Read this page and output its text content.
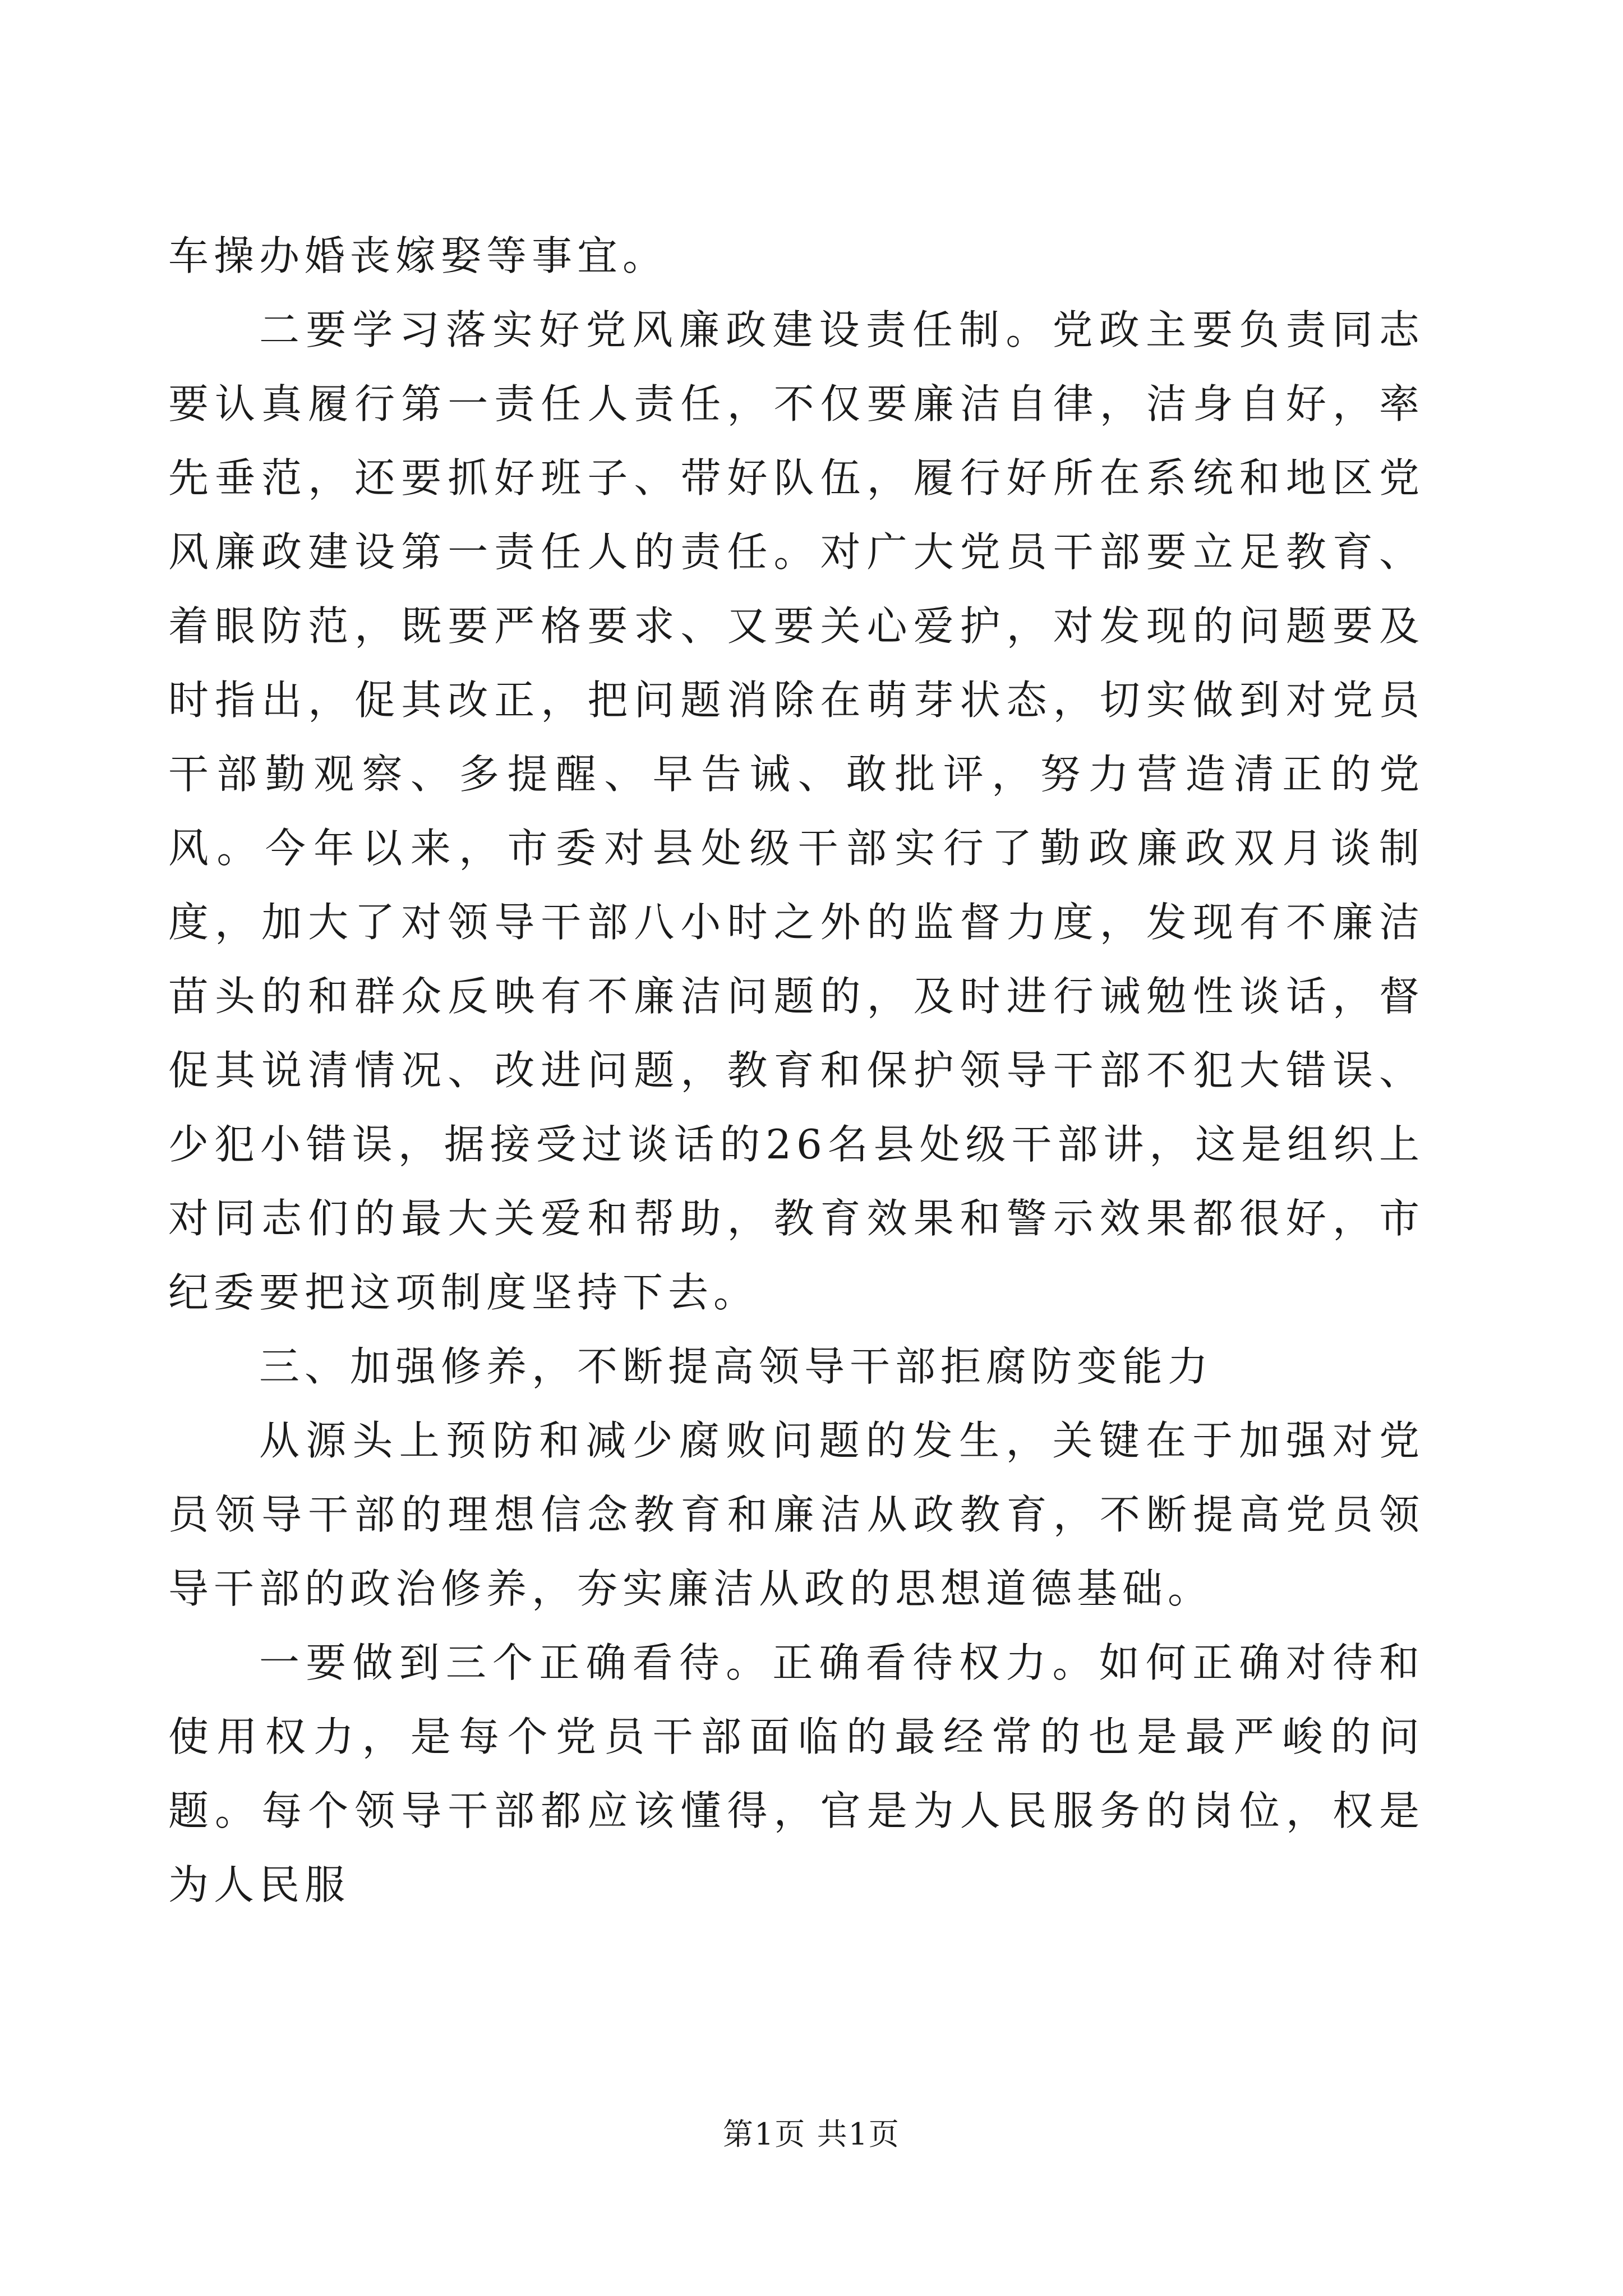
车操办婚丧嫁娶等事宜。

二要学习落实好党风廉政建设责任制。党政主要负责同志要认真履行第一责任人责任，不仅要廉洁自律，洁身自好，率先垂范，还要抓好班子、带好队伍，履行好所在系统和地区党风廉政建设第一责任人的责任。对广大党员干部要立足教育、着眼防范，既要严格要求、又要关心爱护，对发现的问题要及时指出，促其改正，把问题消除在萌芽状态，切实做到对党员干部勤观察、多提醒、早告诫、敢批评，努力营造清正的党风。今年以来，市委对县处级干部实行了勤政廉政双月谈制度，加大了对领导干部八小时之外的监督力度，发现有不廉洁苗头的和群众反映有不廉洁问题的，及时进行诫勉性谈话，督促其说清情况、改进问题，教育和保护领导干部不犯大错误、少犯小错误，据接受过谈话的26名县处级干部讲，这是组织上对同志们的最大关爱和帮助，教育效果和警示效果都很好，市纪委要把这项制度坚持下去。

三、加强修养，不断提高领导干部拒腐防变能力

从源头上预防和减少腐败问题的发生，关键在于加强对党员领导干部的理想信念教育和廉洁从政教育，不断提高党员领导干部的政治修养，夯实廉洁从政的思想道德基础。

一要做到三个正确看待。正确看待权力。如何正确对待和使用权力，是每个党员干部面临的最经常的也是最严峻的问题。每个领导干部都应该懂得，官是为人民服务的岗位，权是为人民服

第1页 共1页
